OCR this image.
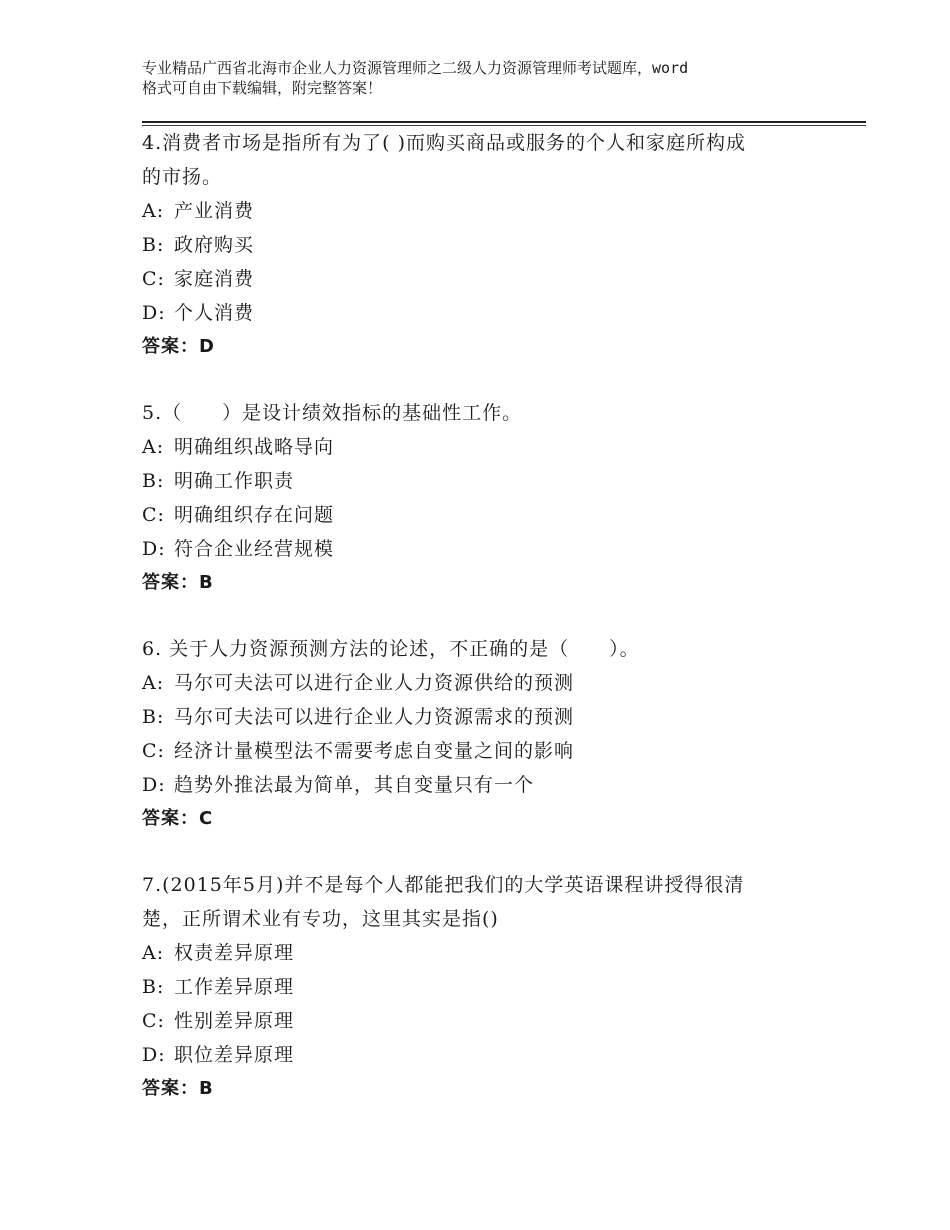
专业精品广西省北海市企业人力资源管理师之二级人力资源管理师考试题库，word
格式可自由下载编辑，附完整答案！
4.消费者市场是指所有为了( )而购买商品或服务的个人和家庭所构成
的市扬。
A: 产业消费
B: 政府购买
C: 家庭消费
D: 个人消费
答案：D
5.（　　）是设计绩效指标的基础性工作。
A: 明确组织战略导向
B: 明确工作职责
C: 明确组织存在问题
D: 符合企业经营规模
答案：B
6. 关于人力资源预测方法的论述，不正确的是（　　）。
A: 马尔可夫法可以进行企业人力资源供给的预测
B: 马尔可夫法可以进行企业人力资源需求的预测
C: 经济计量模型法不需要考虑自变量之间的影响
D: 趋势外推法最为简单，其自变量只有一个
答案：C
7.(2015年5月)并不是每个人都能把我们的大学英语课程讲授得很清
楚，正所谓术业有专功，这里其实是指()
A: 权责差异原理
B: 工作差异原理
C: 性别差异原理
D: 职位差异原理
答案：B
